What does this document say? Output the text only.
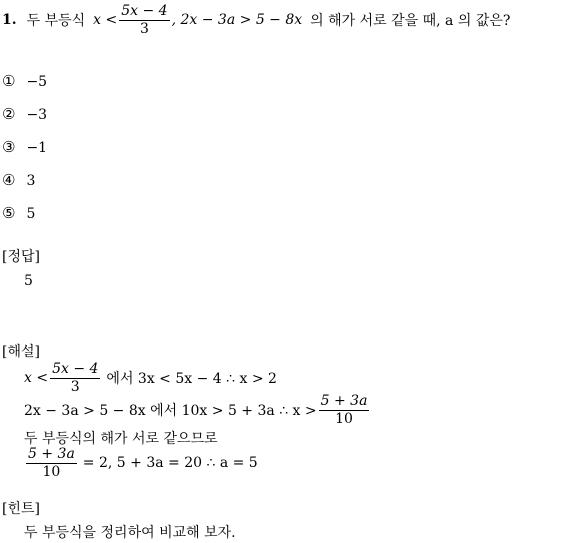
1. 두 부등식 $x < \frac{5x - 4}{3}$ , 2x − 3a > 5 − 8x 의 해가 서로 같을 때, a 의 값은?
① −5
② −3
③ −1
④ 3
⑤ 5
[정답]
5
[해설]
$x < \frac{5x - 4}{3}$ 에서 3x < 5x − 4 ∴ x > 2
2x − 3a > 5 − 8x 에서 10x > 5 + 3a ∴ $x > \frac{5 + 3a}{10}$
두 부등식의 해가 서로 같으므로
$\frac{5 + 3a}{10} = 2$, 5 + 3a = 20 ∴ a = 5
[힌트]
두 부등식을 정리하여 비교해 보자.
